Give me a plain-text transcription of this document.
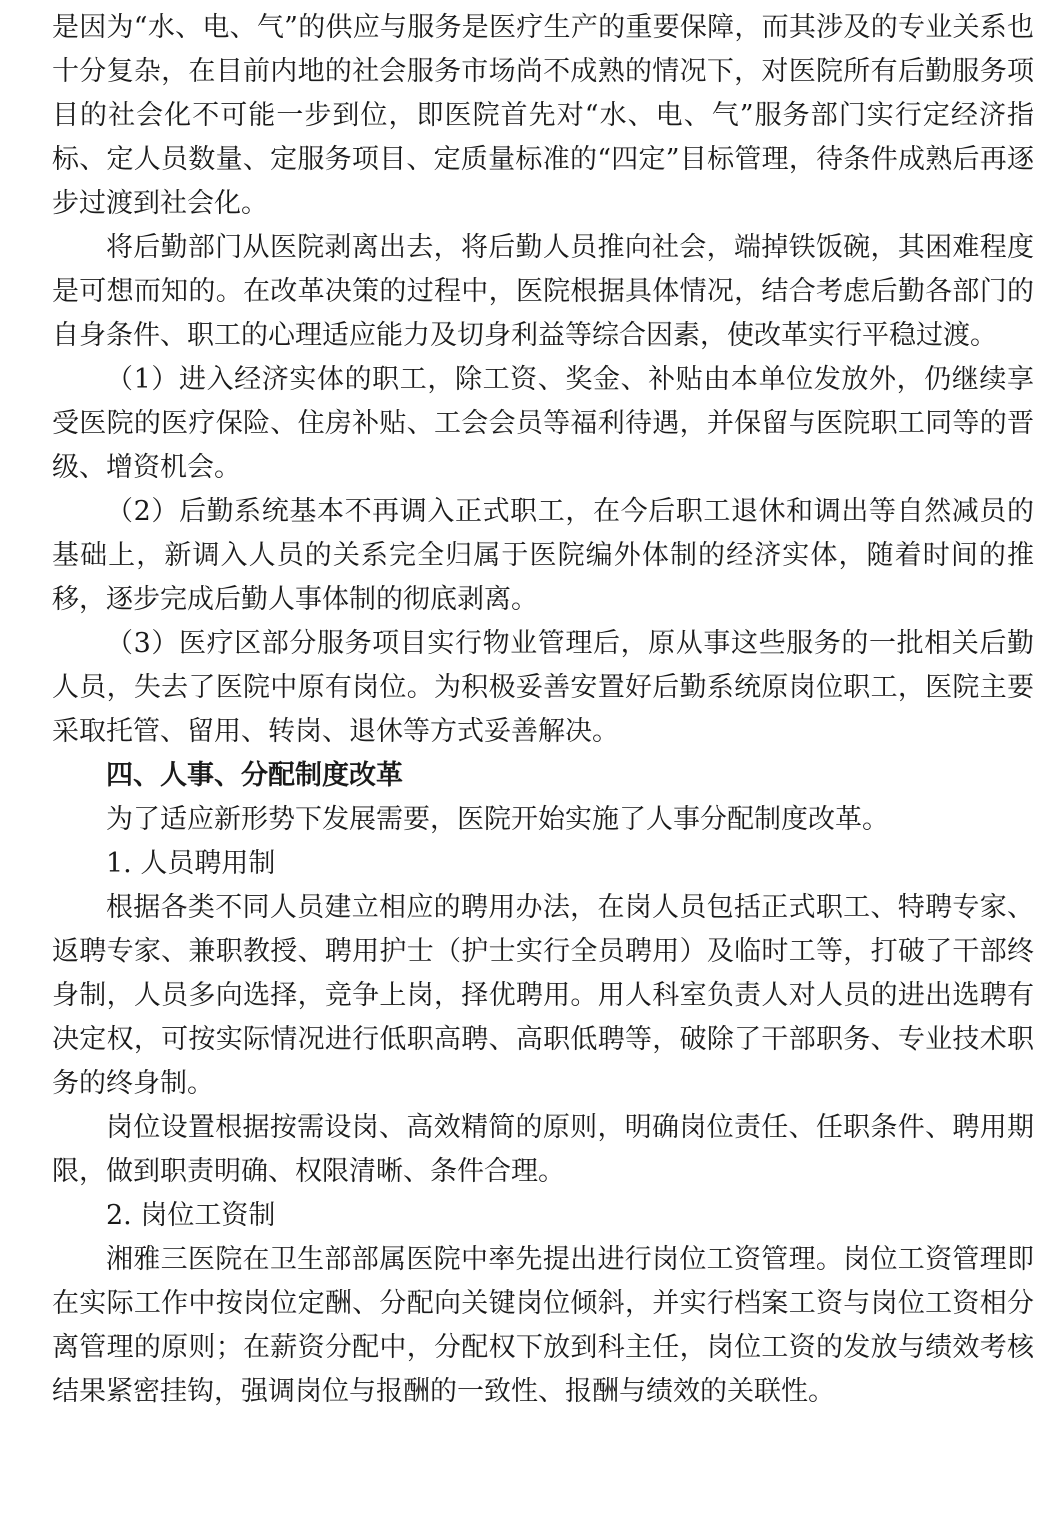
是因为“水、电、气”的供应与服务是医疗生产的重要保障，而其涉及的专业关系也十分复杂，在目前内地的社会服务市场尚不成熟的情况下，对医院所有后勤服务项目的社会化不可能一步到位，即医院首先对“水、电、气”服务部门实行定经济指标、定人员数量、定服务项目、定质量标准的“四定”目标管理，待条件成熟后再逐步过渡到社会化。

将后勤部门从医院剥离出去，将后勤人员推向社会，端掉铁饭碗，其困难程度是可想而知的。在改革决策的过程中，医院根据具体情况，结合考虑后勤各部门的自身条件、职工的心理适应能力及切身利益等综合因素，使改革实行平稳过渡。

（1）进入经济实体的职工，除工资、奖金、补贴由本单位发放外，仍继续享受医院的医疗保险、住房补贴、工会会员等福利待遇，并保留与医院职工同等的晋级、增资机会。

（2）后勤系统基本不再调入正式职工，在今后职工退休和调出等自然减员的基础上，新调入人员的关系完全归属于医院编外体制的经济实体，随着时间的推移，逐步完成后勤人事体制的彻底剥离。

（3）医疗区部分服务项目实行物业管理后，原从事这些服务的一批相关后勤人员，失去了医院中原有岗位。为积极妥善安置好后勤系统原岗位职工，医院主要采取托管、留用、转岗、退休等方式妥善解决。

四、人事、分配制度改革

为了适应新形势下发展需要，医院开始实施了人事分配制度改革。

1. 人员聘用制

根据各类不同人员建立相应的聘用办法，在岗人员包括正式职工、特聘专家、返聘专家、兼职教授、聘用护士（护士实行全员聘用）及临时工等，打破了干部终身制，人员多向选择，竞争上岗，择优聘用。用人科室负责人对人员的进出选聘有决定权，可按实际情况进行低职高聘、高职低聘等，破除了干部职务、专业技术职务的终身制。

岗位设置根据按需设岗、高效精简的原则，明确岗位责任、任职条件、聘用期限，做到职责明确、权限清晰、条件合理。

2. 岗位工资制

湘雅三医院在卫生部部属医院中率先提出进行岗位工资管理。岗位工资管理即在实际工作中按岗位定酬、分配向关键岗位倾斜，并实行档案工资与岗位工资相分离管理的原则；在薪资分配中，分配权下放到科主任，岗位工资的发放与绩效考核结果紧密挂钩，强调岗位与报酬的一致性、报酬与绩效的关联性。
